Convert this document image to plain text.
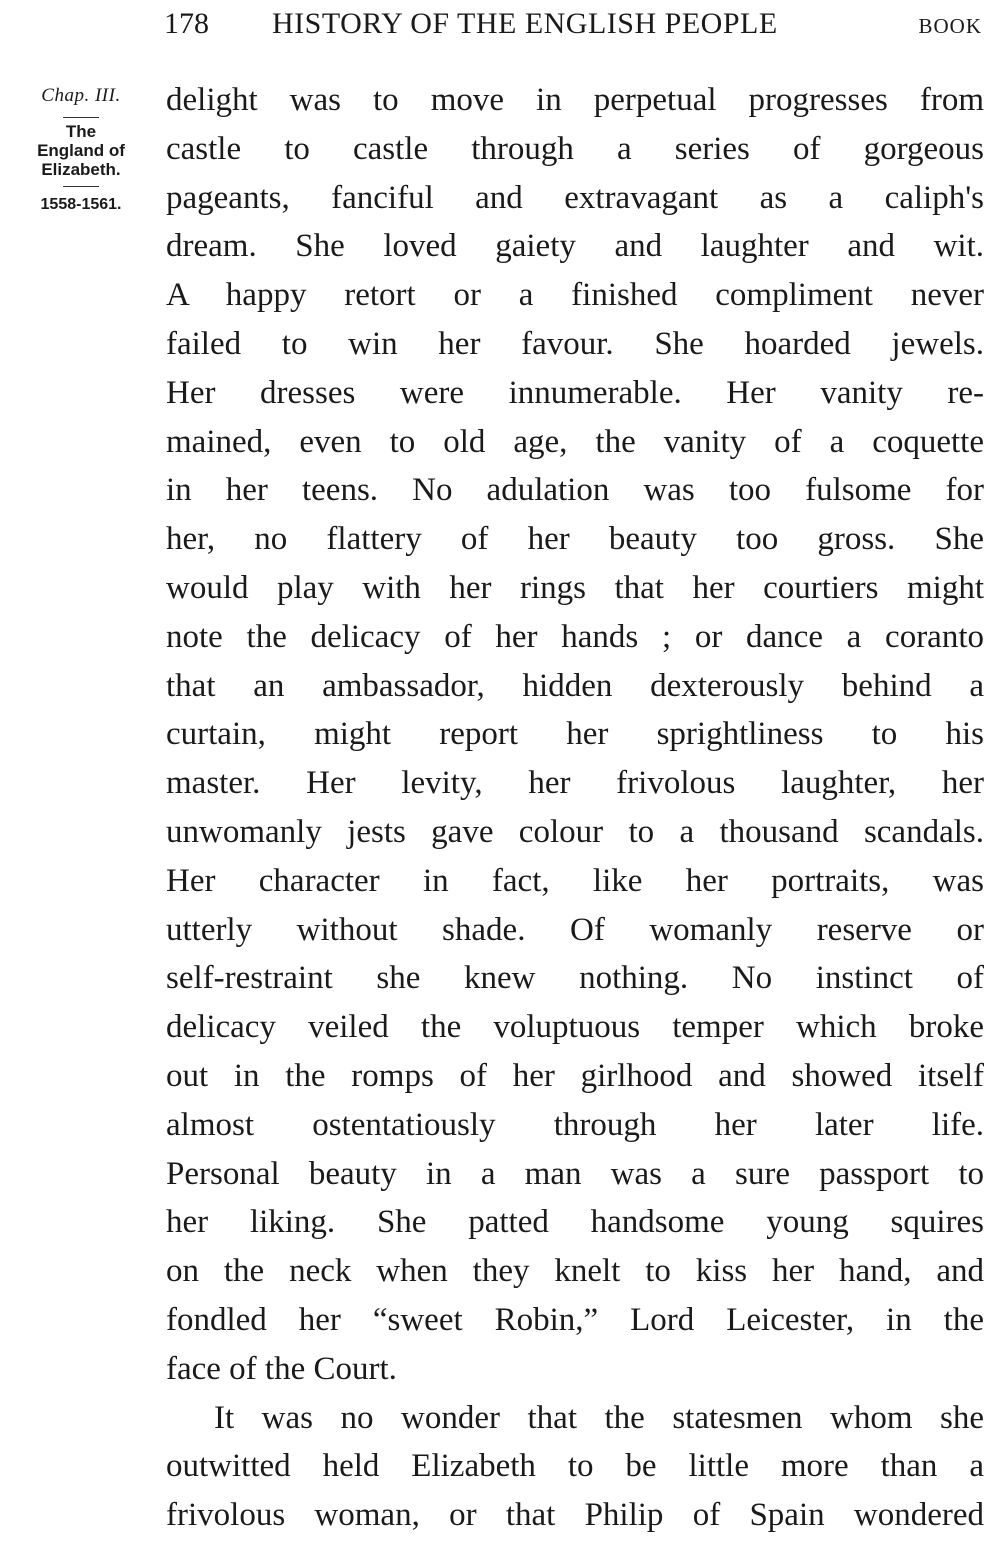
178 HISTORY OF THE ENGLISH PEOPLE	BOOK
Chap. III.
The
England of
Elizabeth.
1558-1561.
delight was to move in perpetual progresses from
castle to castle through a series of gorgeous
pageants, fanciful and extravagant as a caliph's
dream. She loved gaiety and laughter and wit.
A happy retort or a finished compliment never
failed to win her favour. She hoarded jewels.
Her dresses were innumerable. Her vanity re-
mained, even to old age, the vanity of a coquette
in her teens. No adulation was too fulsome for
her, no flattery of her beauty too gross. She
would play with her rings that her courtiers might
note the delicacy of her hands ; or dance a coranto
that an ambassador, hidden dexterously behind a
curtain, might report her sprightliness to his
master. Her levity, her frivolous laughter, her
unwomanly jests gave colour to a thousand scandals.
Her character in fact, like her portraits, was
utterly without shade. Of womanly reserve or
self-restraint she knew nothing. No instinct of
delicacy veiled the voluptuous temper which broke
out in the romps of her girlhood and showed itself
almost ostentatiously through her later life.
Personal beauty in a man was a sure passport to
her liking. She patted handsome young squires
on the neck when they knelt to kiss her hand, and
fondled her “sweet Robin,” Lord Leicester, in the
face of the Court.
It was no wonder that the statesmen whom she
outwitted held Elizabeth to be little more than a
frivolous woman, or that Philip of Spain wondered
